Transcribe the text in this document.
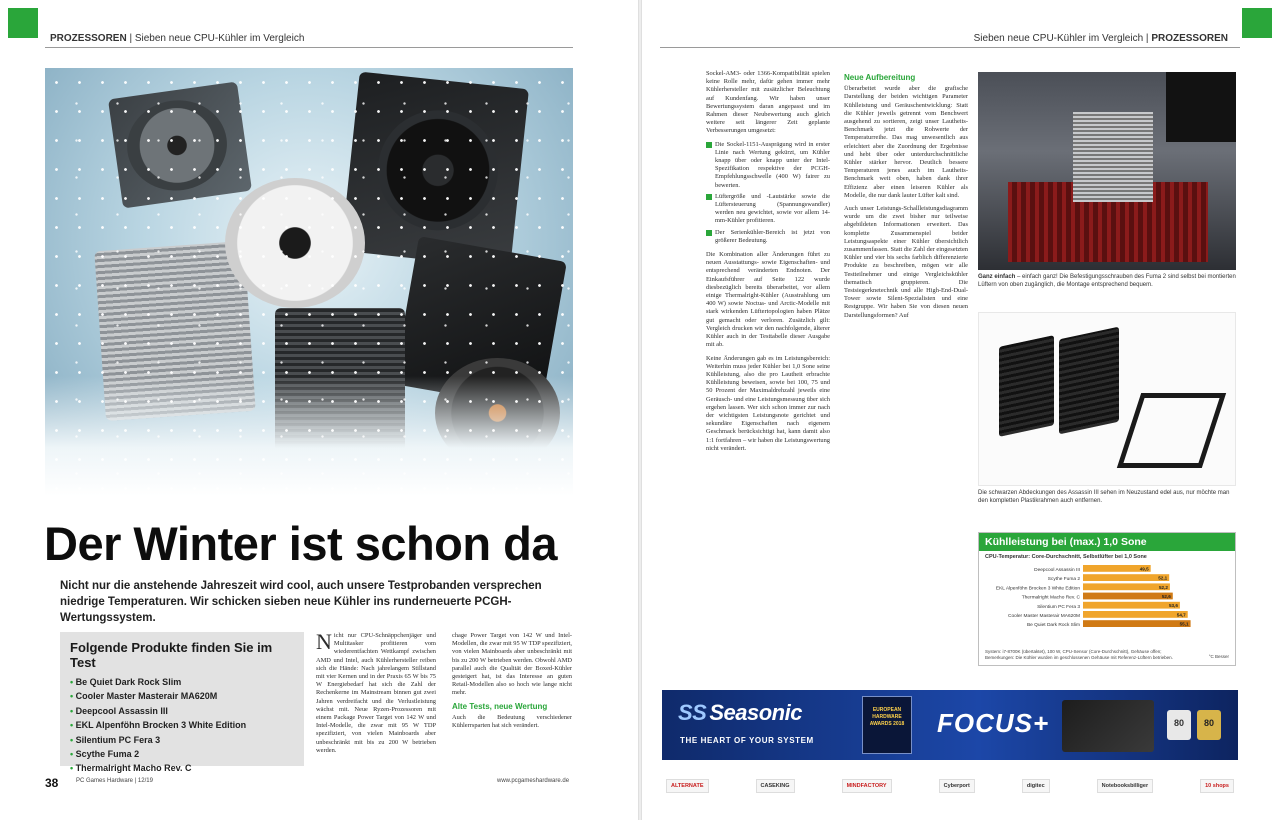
PROZESSOREN | Sieben neue CPU-Kühler im Vergleich
Der Winter ist schon da

Nicht nur die anstehende Jahreszeit wird cool, auch unsere Testprobanden versprechen niedrige Temperaturen. Wir schicken sieben neue Kühler ins runderneuerte PCGH-Wertungssystem.

Folgende Produkte finden Sie im Test
• Be Quiet Dark Rock Slim
• Cooler Master Masterair MA620M
• Deepcool Assassin III
• EKL Alpenföhn Brocken 3 White Edition
• Silentium PC Fera 3
• Scythe Fuma 2
• Thermalright Macho Rev. C
N icht nur CPU-Schnäppchenjäger und Multitasker profitieren vom wiederentfachten Wettkampf zwischen AMD und Intel, auch Kühlerhersteller reiben sich die Hände: Nach jahrelangem Stillstand mit vier Kernen und in der Praxis 65 W bis 75 W Energiebedarf hat sich die Zahl der Rechenkerne im Mainstream binnen gut zwei Jahren verdreifacht und die Verlustleistung wächst mit. Neue Ryzen-Prozessoren mit einem Package Power Target von 142 W und Intel-Modelle, die zwar mit 95 W TDP spezifiziert, von vielen Mainboards aber unbeschränkt mit bis zu 200 W betrieben werden.

chage Power Target von 142 W und Intel-Modellen, die zwar mit 95 W TDP spezifiziert, von vielen Mainboards aber unbeschränkt mit bis zu 200 W betrieben werden. Obwohl AMD parallel auch die Qualität der Boxed-Kühler gesteigert hat, ist das Interesse an guten Retail-Modellen also so hoch wie lange nicht mehr.

Alte Tests, neue Wertung

Auch die Bedeutung verschiedener Kühlerrsparten hat sich verändert.

38	PC Games Hardware | 12/19	www.pcgameshardware.de
Sieben neue CPU-Kühler im Vergleich | PROZESSOREN

Sockel-AM3- oder 1366-Kompatibilität spielen keine Rolle mehr, dafür gehen immer mehr Kühlerhersteller mit zusätzlicher Beleuchtung auf Kundenfang. Wir haben unser Bewertungssystem daran angepasst und im Rahmen dieser Neubewertung auch gleich weitere seit längerer Zeit geplante Verbesserungen umgesetzt:

Die Sockel-1151-Ausprägung wird in erster Linie nach Wertung gekürzt, um Kühler knapp über oder knapp unter der Intel-Spezifikation respektive der PCGH-Empfehlungsschwelle (400 W) fairer zu bewerten.
Lüftergröße und -Lautstärke sowie die Lüftersteuerung (Spannungswandler) werden neu gewichtet, sowie vor allem 14-mm-Kühler profitieren.
Der Serienkühler-Bereich ist jetzt von größerer Bedeutung.

Die Kombination aller Änderungen führt zu neuen Ausstattungs- sowie Eigenschaften- und entsprechend veränderten Endnoten. Der Einkaufsführer auf Seite 122 wurde diesbezüglich bereits überarbeitet, vor allem einige Thermalright-Kühler (Ausstrahlung um 400 W) sowie Noctua- und Arctic-Modelle mit stark wirkenden Lüftertopologien haben Plätze gut gemacht oder verloren. Zusätzlich gilt: Vergleich drucken wir den nachfolgende, älterer Kühler auch in der Testtabelle dieser Ausgabe mit ab.

Keine Änderungen gab es im Leistungsbereich: Weiterhin muss jeder Kühler bei 1,0 Sone seine Kühlleistung, also die pro Lautheit erbrachte Kühlleistung beweisen, sowie bei 100, 75 und 50 Prozent der Maximaldrehzahl jeweils eine Geräusch- und eine Leistungsmessung über sich ergehen lassen. Wer sich schon immer zur nach der wichtigsten Leistungsnote gerichtet und sekundäre Eigenschaften nach eigenem Geschmack berücksichtigt hat, kann damit also 1:1 fortfahren – wir haben die Leistungswertung nicht verändert.

Neue Aufbereitung

Überarbeitet wurde aber die grafische Darstellung der beiden wichtigen Parameter Kühlleistung und Geräuschentwicklung: Statt die Kühler jeweils getrennt vom Benchwert ausgehend zu sortieren, zeigt unser Lautheits-Benchmark jetzt die Rohwerte der Temperaturreihe. Das mag unwesentlich aus erleichtert aber die Zuordnung der Ergebnisse und hebt über oder unterdurchschnittliche Kühler stärker hervor. Deutlich bessere Temperaturen jenes auch im Lautheits-Benchmark weit oben, haben dank ihrer Effizienz aber einen leiseren Kühler als Modelle, die nur dank lauter Lüfter kalt sind.

Auch unser Leistungs-Schallleistungsdiagramm wurde um die zwei bisher nur teilweise abgebildeten Informationen erweitert. Das komplette Zusammenspiel beider Leistungsaspekte einer Kühler übersichtlich zusammenfassen. Statt die Zahl der eingesetzten Kühler und vier bis sechs farblich differenzierte Produkte zu beschreiben, mögen wir alle Testteilnehmer und einige Vergleichskühler thematisch gruppieren. Die Testsiegerknetechnik und alle High-End-Dual-Tower sowie Silent-Spezialisten und eine Restgruppe. Wir haben Sie von diesen neuen Darstellungsformen? Auf

Ganz einfach – einfach ganz! Die Befestigungsschrauben des Fuma 2 sind selbst bei montierten Lüftern von oben zugänglich, die Montage entsprechend bequem.
Die schwarzen Abdeckungen des Assassin III sehen im Neuzustand edel aus, nur möchte man den kompletten Plastikrahmen auch entfernen.
Kühlleistung bei (max.) 1,0 Sone
CPU-Temperatur: Core-Durchschnitt, Selbstlüfter bei 1,0 Sone
Deepcool Assassin III	49,5
Scythe Fuma 2	52,1
EKL Alpenföhn Brocken 3 White Edition	52,2
Thermalright Macho Rev. C	52,6
Silentium PC Fera 3	53,6
Cooler Master Masterair MA620M	54,7
Be Quiet Dark Rock Slim	55,1
System: i7-8700K (übertaktet), 100 W, CPU-Sensor (Core-Durchschnitt), Gehäuse offen; Bemerkungen: Die Kühler wurden im geschlossenen Gehäuse mit Referenz-Lüftern betrieben.	°C Besser
SS Seasonic
THE HEART OF YOUR SYSTEM
EUROPEAN HARDWARE AWARDS 2018 FOCUS+	80	80
ALTERNATE	CASEKING	MINDFACTORY	Cyberport	digitec	Notebooksbilliger	10 shops
